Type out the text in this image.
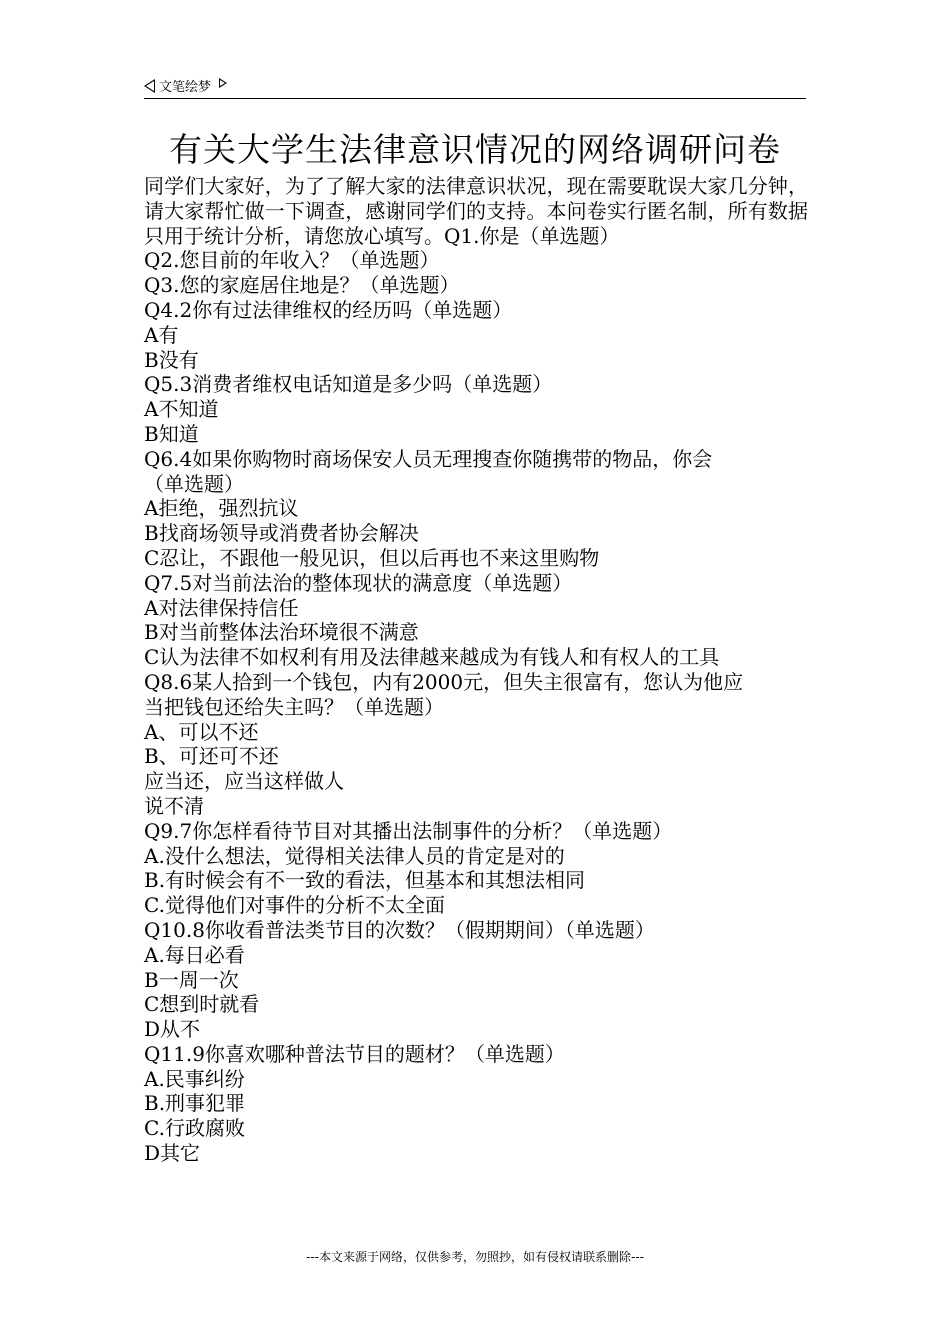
文笔绘梦
有关大学生法律意识情况的网络调研问卷
同学们大家好，为了了解大家的法律意识状况，现在需要耽误大家几分钟，请大家帮忙做一下调查，感谢同学们的支持。本问卷实行匿名制，所有数据只用于统计分析，请您放心填写。Q1.你是（单选题）
Q2.您目前的年收入？（单选题）
Q3.您的家庭居住地是？（单选题）
Q4.2你有过法律维权的经历吗（单选题）
A有
B没有
Q5.3消费者维权电话知道是多少吗（单选题）
A不知道
B知道
Q6.4如果你购物时商场保安人员无理搜查你随携带的物品，你会
（单选题）
A拒绝，强烈抗议
B找商场领导或消费者协会解决
C忍让，不跟他一般见识，但以后再也不来这里购物
Q7.5对当前法治的整体现状的满意度（单选题）
A对法律保持信任
B对当前整体法治环境很不满意
C认为法律不如权利有用及法律越来越成为有钱人和有权人的工具
Q8.6某人拾到一个钱包，内有2000元，但失主很富有，您认为他应
当把钱包还给失主吗？（单选题）
A、可以不还
B、可还可不还
应当还，应当这样做人
说不清
Q9.7你怎样看待节目对其播出法制事件的分析？（单选题）
A.没什么想法，觉得相关法律人员的肯定是对的
B.有时候会有不一致的看法，但基本和其想法相同
C.觉得他们对事件的分析不太全面
Q10.8你收看普法类节目的次数？（假期期间）（单选题）
A.每日必看
B一周一次
C想到时就看
D从不
Q11.9你喜欢哪种普法节目的题材？（单选题）
A.民事纠纷
B.刑事犯罪
C.行政腐败
D其它
---本文来源于网络，仅供参考，勿照抄，如有侵权请联系删除---
